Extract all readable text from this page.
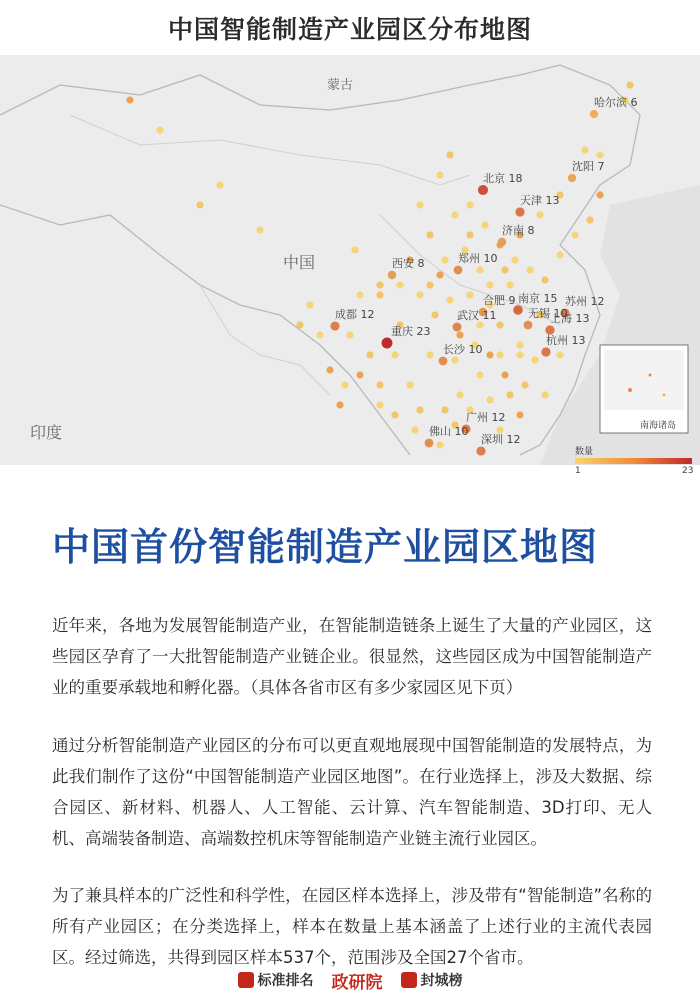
中国智能制造产业园区分布地图
蒙古
中国
印度
哈尔滨 6
沈阳 7
北京 18
天津 13
济南 8
郑州 10
西安 8
合肥 9 南京 15 苏州 12
无锡 10
上海 13
武汉 11
杭州 13
成都 12
重庆 23
长沙 10
广州 12
佛山 10
深圳 12
南海诸岛
数量
1	23
中国首份智能制造产业园区地图
近年来，各地为发展智能制造产业，在智能制造链条上诞生了大量的产业园区，这些园区孕育了一大批智能制造产业链企业。很显然，这些园区成为中国智能制造产业的重要承载地和孵化器。（具体各省市区有多少家园区见下页）
通过分析智能制造产业园区的分布可以更直观地展现中国智能制造的发展特点，为此我们制作了这份“中国智能制造产业园区地图”。在行业选择上，涉及大数据、综合园区、新材料、机器人、人工智能、云计算、汽车智能制造、3D打印、无人机、高端装备制造、高端数控机床等智能制造产业链主流行业园区。
为了兼具样本的广泛性和科学性，在园区样本选择上，涉及带有“智能制造”名称的所有产业园区；在分类选择上，样本在数量上基本涵盖了上述行业的主流代表园区。经过筛选，共得到园区样本537个，范围涉及全国27个省市。
标准排名 政研院	封城榜
